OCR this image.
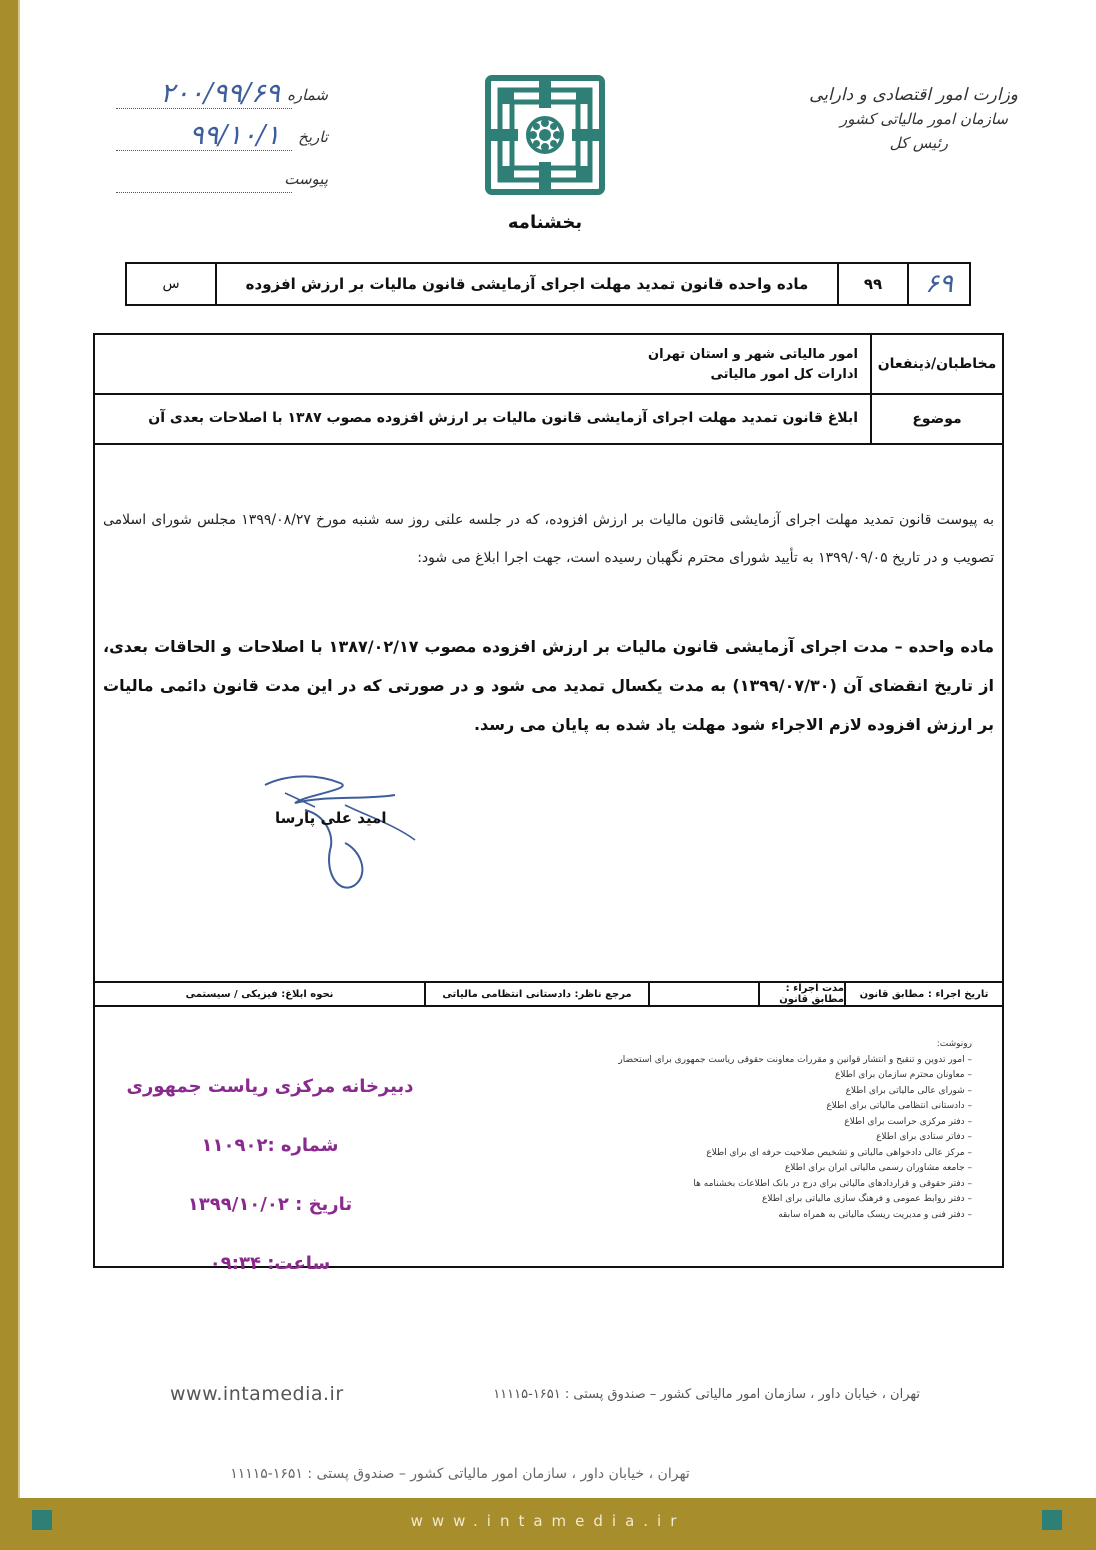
وزارت امور اقتصادی و دارایی
سازمان امور مالیاتی کشور
رئیس کل
شماره
۲۰۰/۹۹/۶۹
تاریخ
۹۹/۱۰/۱
پیوست
بخشنامه
۶۹
۹۹
ماده واحده قانون تمدید مهلت اجرای آزمایشی قانون مالیات بر ارزش افزوده
س
مخاطبان/ذینفعان
امور مالیاتی شهر و استان تهران
ادارات کل امور مالیاتی
موضوع
ابلاغ قانون تمدید مهلت اجرای آزمایشی قانون مالیات بر ارزش افزوده مصوب ۱۳۸۷ با اصلاحات بعدی آن

به پیوست قانون تمدید مهلت اجرای آزمایشی قانون مالیات بر ارزش افزوده، که در جلسه علنی روز سه شنبه مورخ ۱۳۹۹/۰۸/۲۷ مجلس شورای اسلامی تصویب و در تاریخ ۱۳۹۹/۰۹/۰۵ به تأیید شورای محترم نگهبان رسیده است، جهت اجرا ابلاغ می شود:

ماده واحده – مدت اجرای آزمایشی قانون مالیات بر ارزش افزوده مصوب ۱۳۸۷/۰۲/۱۷ با اصلاحات و الحاقات بعدی، از تاریخ انقضای آن (۱۳۹۹/۰۷/۳۰) به مدت یکسال تمدید می شود و در صورتی که در این مدت قانون دائمی مالیات بر ارزش افزوده لازم الاجراء شود مهلت یاد شده به پایان می رسد.

امید علی پارسا
تاریخ اجراء : مطابق قانون
مدت اجراء : مطابق قانون
مرجع ناظر: دادستانی انتظامی مالیاتی
نحوه ابلاغ: فیزیکی / سیستمی
رونوشت:
– امور تدوین و تنقیح و انتشار قوانین و مقررات معاونت حقوقی ریاست جمهوری برای استحضار
– معاونان محترم سازمان برای اطلاع
– شورای عالی مالیاتی برای اطلاع
– دادستانی انتظامی مالیاتی برای اطلاع
– دفتر مرکزی حراست برای اطلاع
– دفاتر ستادی برای اطلاع
– مرکز عالی دادخواهی مالیاتی و تشخیص صلاحیت حرفه ای برای اطلاع
– جامعه مشاوران رسمی مالیاتی ایران برای اطلاع
– دفتر حقوقی و قراردادهای مالیاتی برای درج در بانک اطلاعات بخشنامه ها
– دفتر روابط عمومی و فرهنگ سازی مالیاتی برای اطلاع
– دفتر فنی و مدیریت ریسک مالیاتی به همراه سابقه
دبیرخانه مرکزی ریاست جمهوری
شماره :۱۱۰۹۰۲
تاریخ : ۱۳۹۹/۱۰/۰۲
ساعت: ۰۹:۳۴
www.intamedia.ir	تهران ، خیابان داور ، سازمان امور مالیاتی کشور – صندوق پستی : ۱۶۵۱-۱۱۱۱۵
تهران ، خیابان داور ، سازمان امور مالیاتی کشور – صندوق پستی : ۱۶۵۱-۱۱۱۱۵
www.intamedia.ir
